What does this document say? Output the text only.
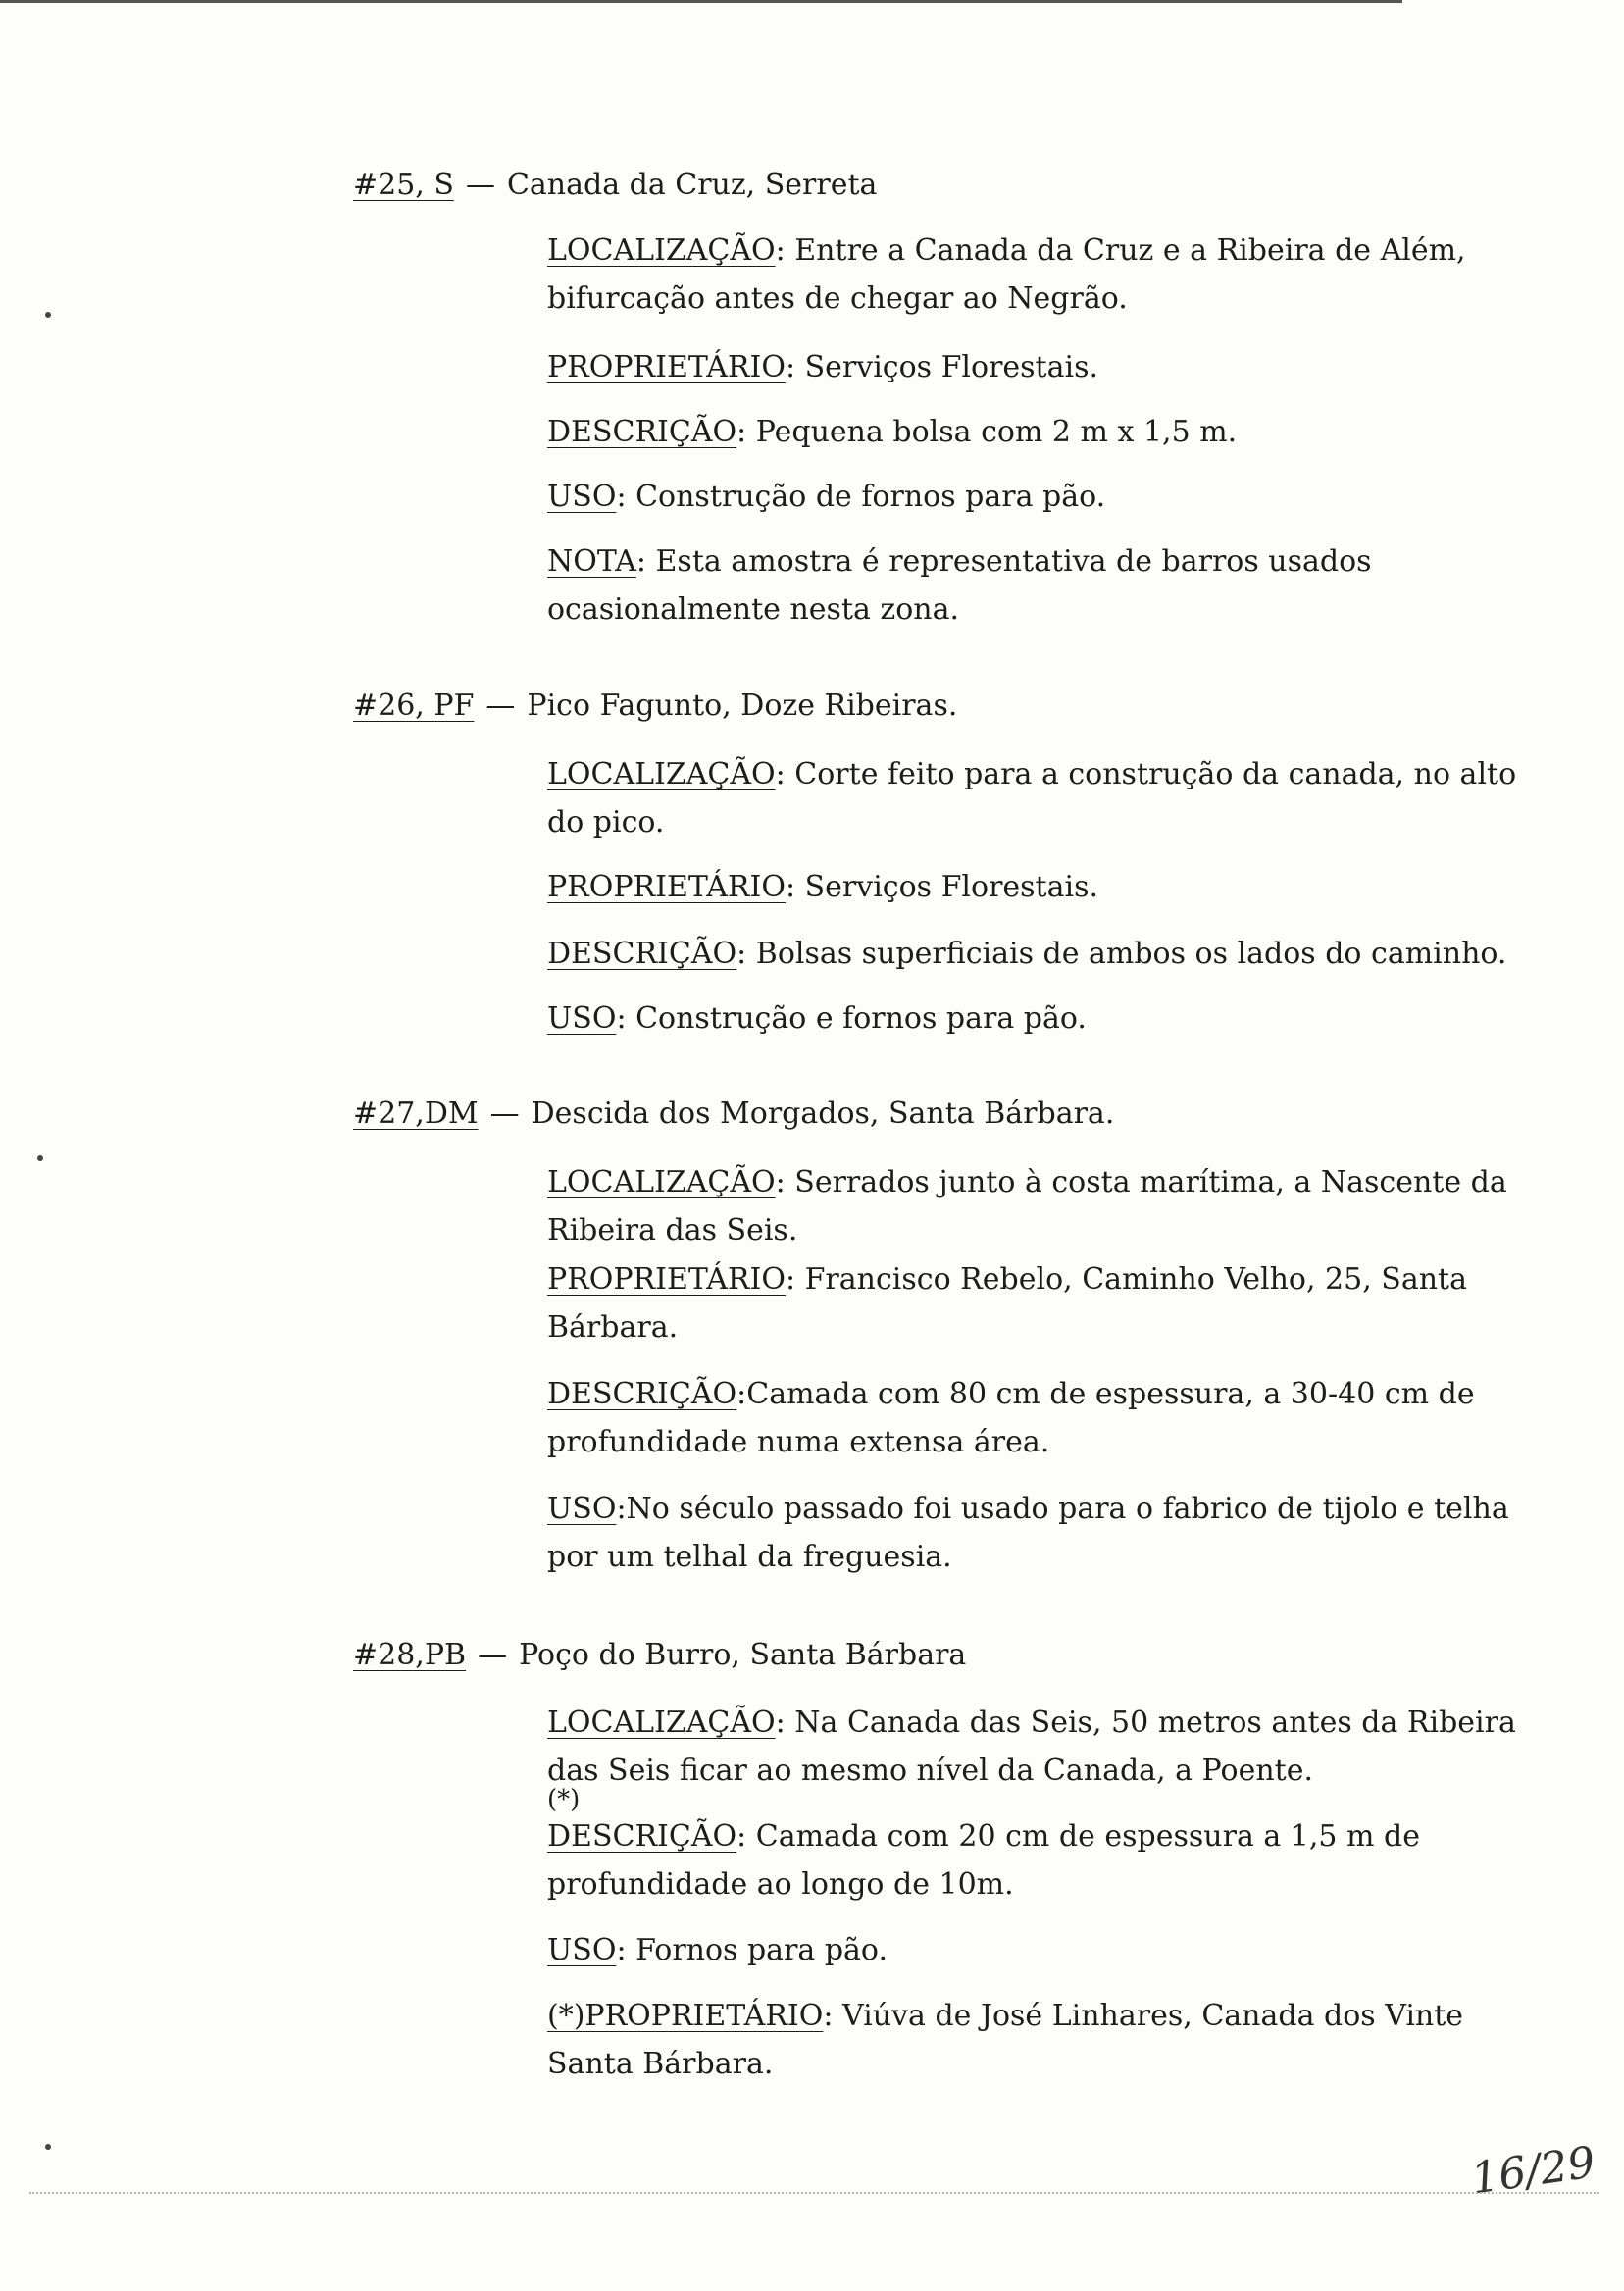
#25, S — Canada da Cruz, Serreta
LOCALIZAÇÃO: Entre a Canada da Cruz e a Ribeira de Além, bifurcação antes de chegar ao Negrão.
PROPRIETÁRIO: Serviços Florestais.
DESCRIÇÃO: Pequena bolsa com 2 m x 1,5 m.
USO: Construção de fornos para pão.
NOTA: Esta amostra é representativa de barros usados ocasionalmente nesta zona.
#26, PF — Pico Fagunto, Doze Ribeiras.
LOCALIZAÇÃO: Corte feito para a construção da canada, no alto do pico.
PROPRIETÁRIO: Serviços Florestais.
DESCRIÇÃO: Bolsas superficiais de ambos os lados do caminho.
USO: Construção e fornos para pão.
#27,DM — Descida dos Morgados, Santa Bárbara.
LOCALIZAÇÃO: Serrados junto à costa marítima, a Nascente da Ribeira das Seis.
PROPRIETÁRIO: Francisco Rebelo, Caminho Velho, 25, Santa Bárbara.
DESCRIÇÃO:Camada com 80 cm de espessura, a 30-40 cm de profundidade numa extensa área.
USO:No século passado foi usado para o fabrico de tijolo e telha por um telhal da freguesia.
#28,PB — Poço do Burro, Santa Bárbara
LOCALIZAÇÃO: Na Canada das Seis, 50 metros antes da Ribeira das Seis ficar ao mesmo nível da Canada, a Poente.
(*)
DESCRIÇÃO: Camada com 20 cm de espessura a 1,5 m de profundidade ao longo de 10m.
USO: Fornos para pão.
(*)PROPRIETÁRIO: Viúva de José Linhares, Canada dos Vinte Santa Bárbara.
16/29
